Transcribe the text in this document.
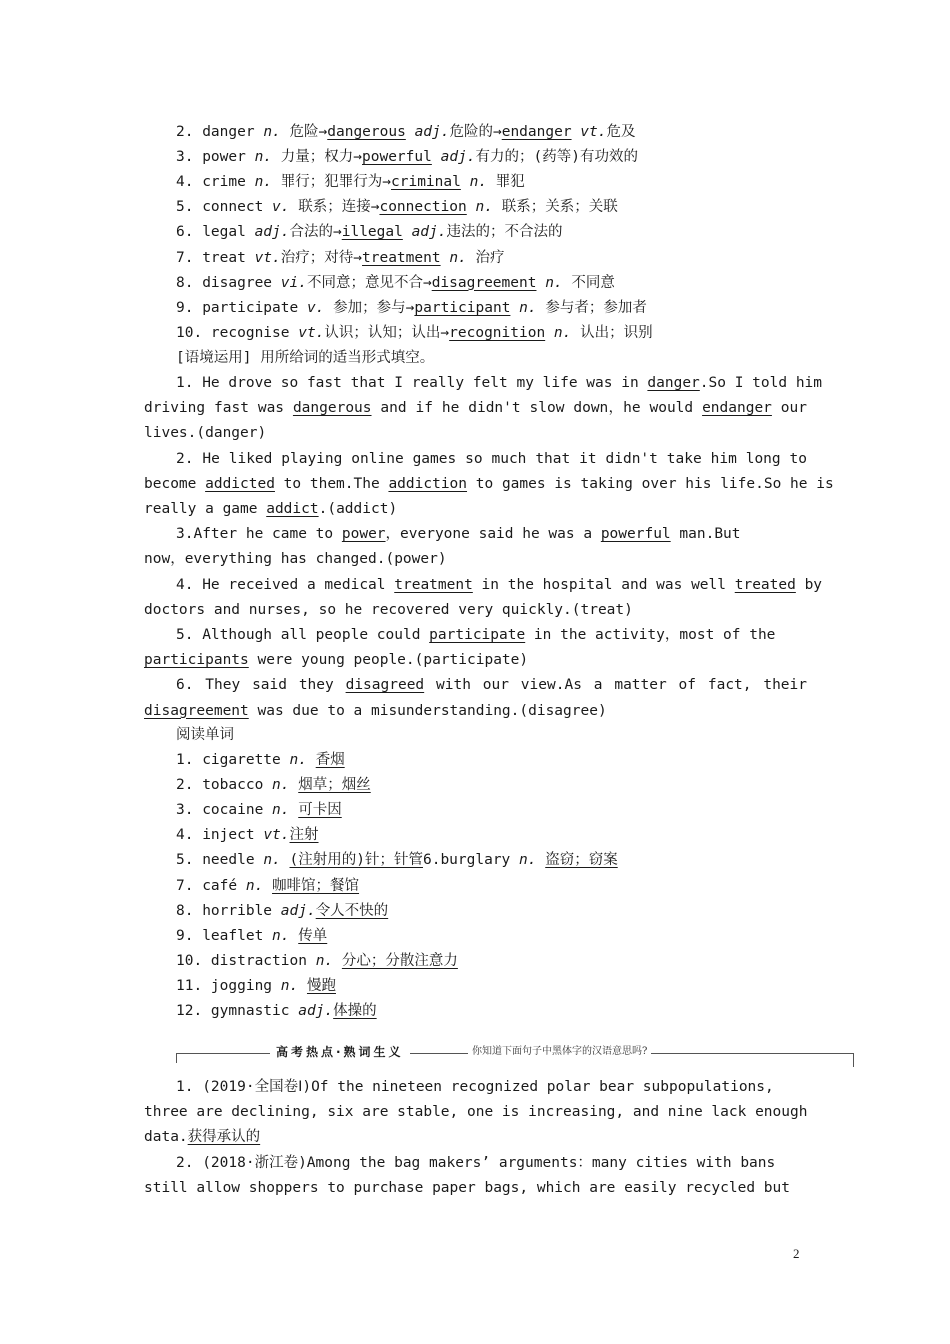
2. danger n. 危险→dangerous adj.危险的→endanger vt.危及
3. power n. 力量；权力→powerful adj.有力的；(药等)有功效的
4. crime n. 罪行；犯罪行为→criminal n. 罪犯
5. connect v. 联系；连接→connection n. 联系；关系；关联
6. legal adj.合法的→illegal adj.违法的；不合法的
7. treat vt.治疗；对待→treatment n. 治疗
8. disagree vi.不同意；意见不合→disagreement n. 不同意
9. participate v. 参加；参与→participant n. 参与者；参加者
10. recognise vt.认识；认知；认出→recognition n. 认出；识别
[语境运用] 用所给词的适当形式填空。
1. He drove so fast that I really felt my life was in danger.So I told him
driving fast was dangerous and if he didn't slow down，he would endanger our
lives.(danger)
2. He liked playing online games so much that it didn't take him long to
become addicted to them.The addiction to games is taking over his life.So he is
really a game addict.(addict)
3.After he came to power，everyone said he was a powerful man.But
now，everything has changed.(power)
4. He received a medical treatment in the hospital and was well treated by
doctors and nurses, so he recovered very quickly.(treat)
5. Although all people could participate in the activity，most of the
participants were young people.(participate)
6. They said they disagreed with our view.As a matter of fact, their
disagreement was due to a misunderstanding.(disagree)
阅读单词
1. cigarette n. 香烟
2. tobacco n. 烟草；烟丝
3. cocaine n. 可卡因
4. inject vt.注射
5. needle n. (注射用的)针；针管6.burglary n. 盗窃；窃案
7. café n. 咖啡馆；餐馆
8. horrible adj.令人不快的
9. leaflet n. 传单
10. distraction n. 分心；分散注意力
11. jogging n. 慢跑
12. gymnastic adj.体操的
高考热点·熟词生义	你知道下面句子中黑体字的汉语意思吗?
1. (2019·全国卷Ⅰ)Of the nineteen recognized polar bear subpopulations,
three are declining, six are stable, one is increasing, and nine lack enough
data.获得承认的
2. (2018·浙江卷)Among the bag makers’ arguments：many cities with bans
still allow shoppers to purchase paper bags, which are easily recycled but
2
